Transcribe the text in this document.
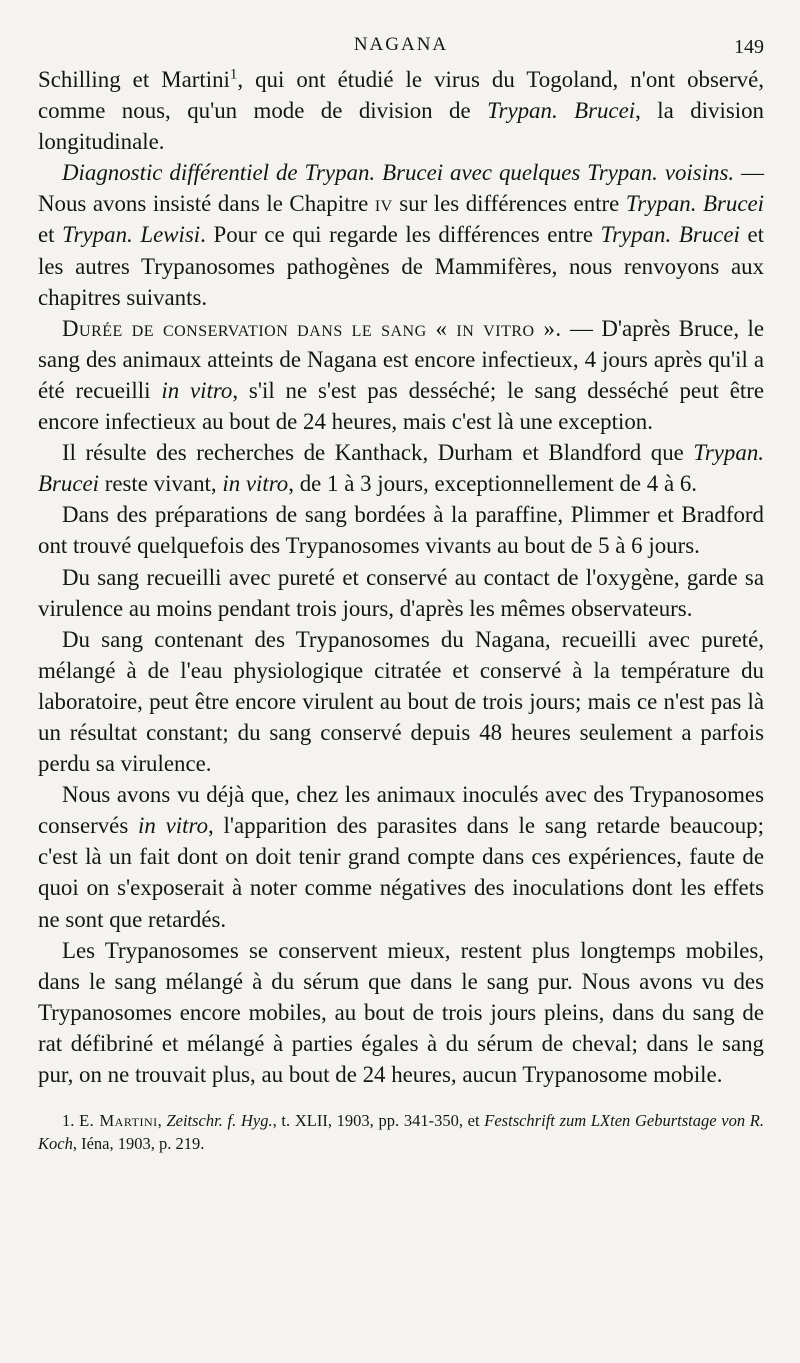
NAGANA	149

Schilling et Martini$^1$, qui ont étudié le virus du Togoland, n'ont observé, comme nous, qu'un mode de division de Trypan. Brucei, la division longitudinale.

Diagnostic différentiel de Trypan. Brucei avec quelques Trypan. voisins. — Nous avons insisté dans le Chapitre iv sur les différences entre Trypan. Brucei et Trypan. Lewisi. Pour ce qui regarde les différences entre Trypan. Brucei et les autres Trypanosomes pathogènes de Mammifères, nous renvoyons aux chapitres suivants.

Durée de conservation dans le sang « in vitro ». — D'après Bruce, le sang des animaux atteints de Nagana est encore infectieux, 4 jours après qu'il a été recueilli in vitro, s'il ne s'est pas desséché; le sang desséché peut être encore infectieux au bout de 24 heures, mais c'est là une exception.

Il résulte des recherches de Kanthack, Durham et Blandford que Trypan. Brucei reste vivant, in vitro, de 1 à 3 jours, exceptionnellement de 4 à 6.

Dans des préparations de sang bordées à la paraffine, Plimmer et Bradford ont trouvé quelquefois des Trypanosomes vivants au bout de 5 à 6 jours.

Du sang recueilli avec pureté et conservé au contact de l'oxygène, garde sa virulence au moins pendant trois jours, d'après les mêmes observateurs.

Du sang contenant des Trypanosomes du Nagana, recueilli avec pureté, mélangé à de l'eau physiologique citratée et conservé à la température du laboratoire, peut être encore virulent au bout de trois jours; mais ce n'est pas là un résultat constant; du sang conservé depuis 48 heures seulement a parfois perdu sa virulence.

Nous avons vu déjà que, chez les animaux inoculés avec des Trypanosomes conservés in vitro, l'apparition des parasites dans le sang retarde beaucoup; c'est là un fait dont on doit tenir grand compte dans ces expériences, faute de quoi on s'exposerait à noter comme négatives des inoculations dont les effets ne sont que retardés.

Les Trypanosomes se conservent mieux, restent plus longtemps mobiles, dans le sang mélangé à du sérum que dans le sang pur. Nous avons vu des Trypanosomes encore mobiles, au bout de trois jours pleins, dans du sang de rat défibriné et mélangé à parties égales à du sérum de cheval; dans le sang pur, on ne trouvait plus, au bout de 24 heures, aucun Trypanosome mobile.

1. E. Martini, Zeitschr. f. Hyg., t. XLII, 1903, pp. 341-350, et Festschrift zum LXten Geburtstage von R. Koch, Iéna, 1903, p. 219.
